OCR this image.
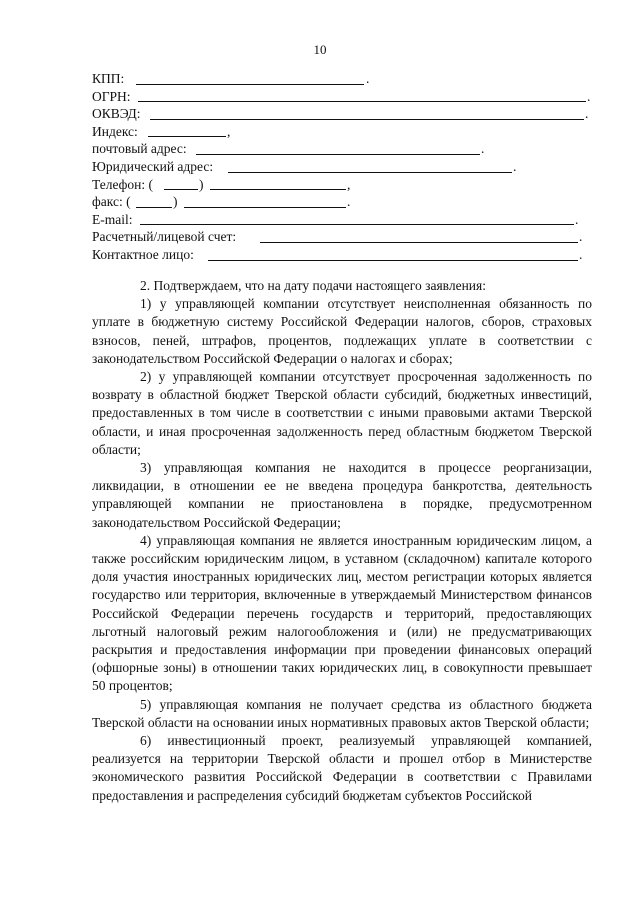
10
КПП:	.
ОГРН:	.
ОКВЭД:	.
Индекс:	,
почтовый адрес:	.
Юридический адрес:	.
Телефон: (	)	,
факс: (	)	.
E-mail:	.
Расчетный/лицевой счет:	.
Контактное лицо:	.

2. Подтверждаем, что на дату подачи настоящего заявления:

1) у управляющей компании отсутствует неисполненная обязанность по уплате в бюджетную систему Российской Федерации налогов, сборов, страховых взносов, пеней, штрафов, процентов, подлежащих уплате в соответствии с законодательством Российской Федерации о налогах и сборах;

2) у управляющей компании отсутствует просроченная задолженность по возврату в областной бюджет Тверской области субсидий, бюджетных инвестиций, предоставленных в том числе в соответствии с иными правовыми актами Тверской области, и иная просроченная задолженность перед областным бюджетом Тверской области;

3) управляющая компания не находится в процессе реорганизации, ликвидации, в отношении ее не введена процедура банкротства, деятельность управляющей компании не приостановлена в порядке, предусмотренном законодательством Российской Федерации;

4) управляющая компания не является иностранным юридическим лицом, а также российским юридическим лицом, в уставном (складочном) капитале которого доля участия иностранных юридических лиц, местом регистрации которых является государство или территория, включенные в утверждаемый Министерством финансов Российской Федерации перечень государств и территорий, предоставляющих льготный налоговый режим налогообложения и (или) не предусматривающих раскрытия и предоставления информации при проведении финансовых операций (офшорные зоны) в отношении таких юридических лиц, в совокупности превышает 50 процентов;

5) управляющая компания не получает средства из областного бюджета Тверской области на основании иных нормативных правовых актов Тверской области;

6) инвестиционный проект, реализуемый управляющей компанией, реализуется на территории Тверской области и прошел отбор в Министерстве экономического развития Российской Федерации в соответствии с Правилами предоставления и распределения субсидий бюджетам субъектов Российской
